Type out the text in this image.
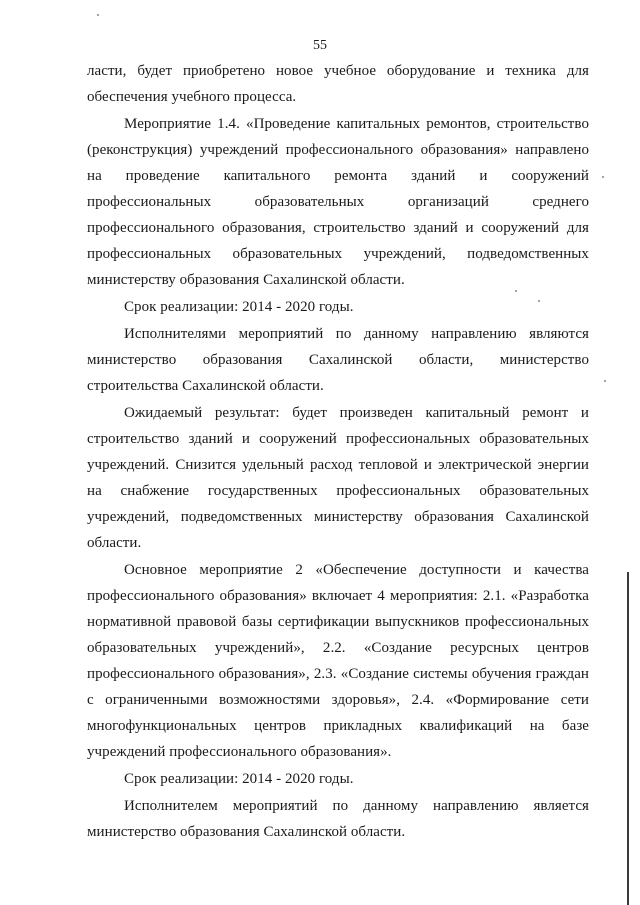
55

ласти, будет приобретено новое учебное оборудование и техника для обеспечения учебного процесса.

Мероприятие 1.4. «Проведение капитальных ремонтов, строительство (реконструкция) учреждений профессионального образования» направлено на проведение капитального ремонта зданий и сооружений профессиональных образовательных организаций среднего профессионального образования, строительство зданий и сооружений для профессиональных образовательных учреждений, подведомственных министерству образования Сахалинской области.

Срок реализации: 2014 - 2020 годы.

Исполнителями мероприятий по данному направлению являются министерство образования Сахалинской области, министерство строительства Сахалинской области.

Ожидаемый результат: будет произведен капитальный ремонт и строительство зданий и сооружений профессиональных образовательных учреждений. Снизится удельный расход тепловой и электрической энергии на снабжение государственных профессиональных образовательных учреждений, подведомственных министерству образования Сахалинской области.

Основное мероприятие 2 «Обеспечение доступности и качества профессионального образования» включает 4 мероприятия: 2.1. «Разработка нормативной правовой базы сертификации выпускников профессиональных образовательных учреждений», 2.2. «Создание ресурсных центров профессионального образования», 2.3. «Создание системы обучения граждан с ограниченными возможностями здоровья», 2.4. «Формирование сети многофункциональных центров прикладных квалификаций на базе учреждений профессионального образования».

Срок реализации: 2014 - 2020 годы.

Исполнителем мероприятий по данному направлению является министерство образования Сахалинской области.
